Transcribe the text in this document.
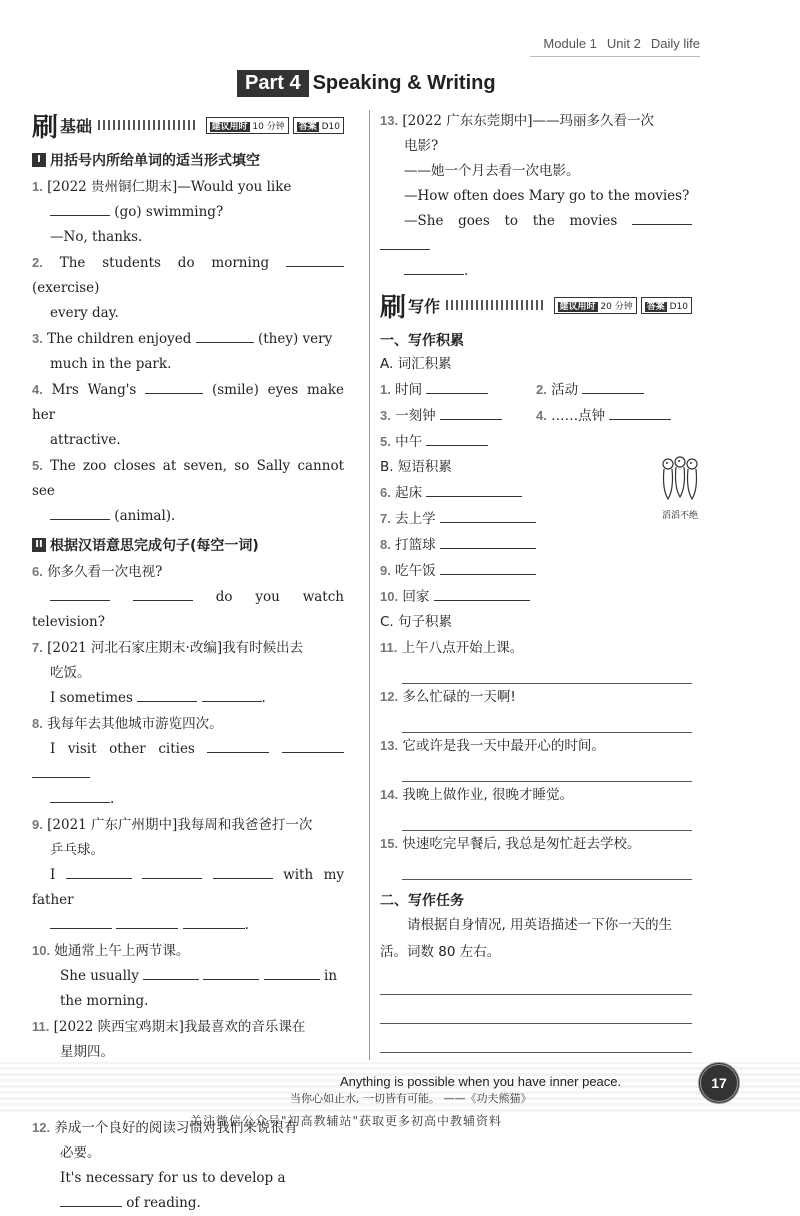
Module 1 Unit 2 Daily life
Part 4 Speaking & Writing
刷 基础	建议用时 10 分钟	答案 D10
I 用括号内所给单词的适当形式填空
1. [2022 贵州铜仁期末]—Would you like
(go) swimming?
—No, thanks.
2. The students do morning  (exercise)
every day.
3. The children enjoyed	(they) very
much in the park.
4. Mrs Wang's	(smile) eyes make her
attractive.
5. The zoo closes at seven, so Sally cannot see
(animal).
II 根据汉语意思完成句子(每空一词)
6. 你多久看一次电视?
do you watch television?
7. [2021 河北石家庄期末·改编]我有时候出去
吃饭。
I sometimes	.
8. 我每年去其他城市游览四次。
I visit other cities
.
9. [2021 广东广州期中]我每周和我爸爸打一次
乒乓球。
I	with my father
.
10. 她通常上午上两节课。
She usually	in
the morning.
11. [2022 陕西宝鸡期末]我最喜欢的音乐课在
星期四。

12. 养成一个良好的阅读习惯对我们来说很有
必要。
It's necessary for us to develop a
of reading.
13. [2022 广东东莞期中]——玛丽多久看一次
电影?
——她一个月去看一次电影。
—How often does Mary go to the movies?
—She goes to the movies
.
刷 写作	建议用时 20 分钟	答案 D10
一、写作积累
A. 词汇积累
1. 时间	2. 活动
3. 一刻钟	4. ……点钟
5. 中午
B. 短语积累
6. 起床
7. 去上学
8. 打篮球
9. 吃午饭
10. 回家
C. 句子积累
11. 上午八点开始上课。
12. 多么忙碌的一天啊!
13. 它或许是我一天中最开心的时间。
14. 我晚上做作业, 很晚才睡觉。
15. 快速吃完早餐后, 我总是匆忙赶去学校。
二、写作任务
请根据自身情况, 用英语描述一下你一天的生活。词数 80 左右。
滔滔不绝
Anything is possible when you have inner peace.
当你心如止水, 一切皆有可能。 ——《功夫熊猫》
17
关注微信公众号"初高教辅站"获取更多初高中教辅资料
